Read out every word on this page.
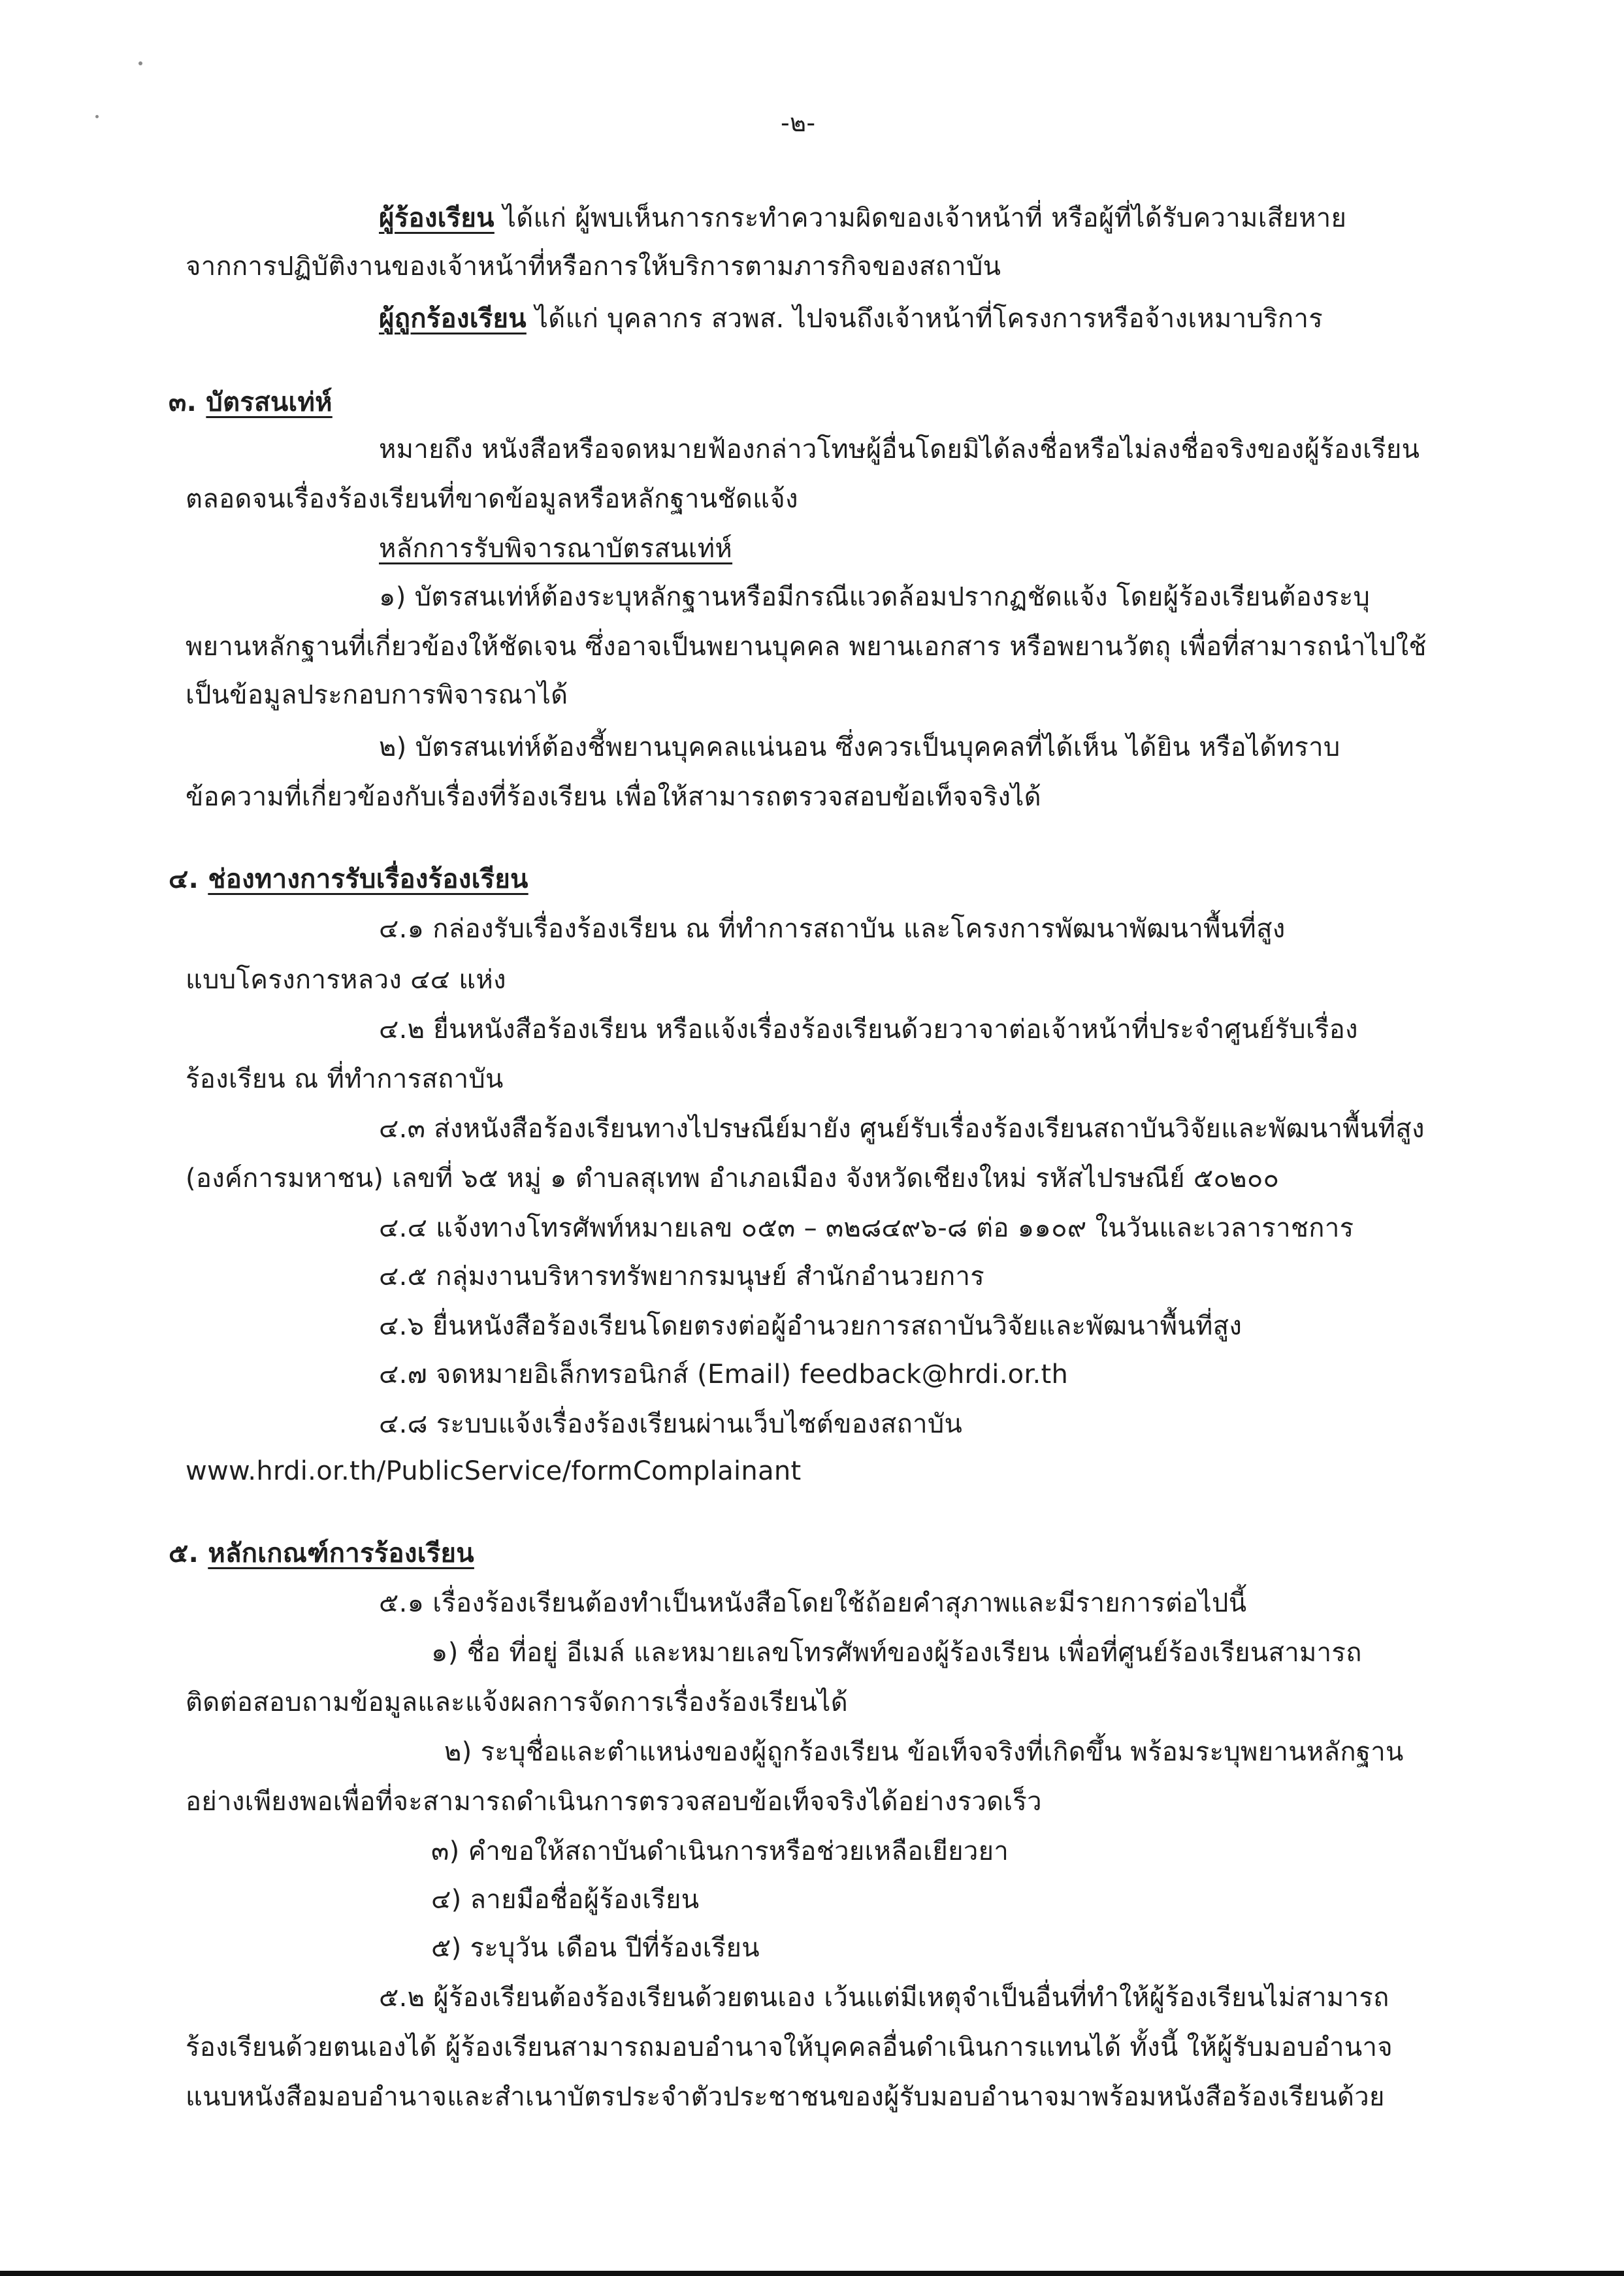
-๒-
ผู้ร้องเรียน ได้แก่ ผู้พบเห็นการกระทำความผิดของเจ้าหน้าที่ หรือผู้ที่ได้รับความเสียหาย
จากการปฏิบัติงานของเจ้าหน้าที่หรือการให้บริการตามภารกิจของสถาบัน
ผู้ถูกร้องเรียน ได้แก่ บุคลากร สวพส. ไปจนถึงเจ้าหน้าที่โครงการหรือจ้างเหมาบริการ
๓. บัตรสนเท่ห์
หมายถึง หนังสือหรือจดหมายฟ้องกล่าวโทษผู้อื่นโดยมิได้ลงชื่อหรือไม่ลงชื่อจริงของผู้ร้องเรียน
ตลอดจนเรื่องร้องเรียนที่ขาดข้อมูลหรือหลักฐานชัดแจ้ง
หลักการรับพิจารณาบัตรสนเท่ห์
๑) บัตรสนเท่ห์ต้องระบุหลักฐานหรือมีกรณีแวดล้อมปรากฏชัดแจ้ง โดยผู้ร้องเรียนต้องระบุ
พยานหลักฐานที่เกี่ยวข้องให้ชัดเจน ซึ่งอาจเป็นพยานบุคคล พยานเอกสาร หรือพยานวัตถุ เพื่อที่สามารถนำไปใช้
เป็นข้อมูลประกอบการพิจารณาได้
๒) บัตรสนเท่ห์ต้องชี้พยานบุคคลแน่นอน ซึ่งควรเป็นบุคคลที่ได้เห็น ได้ยิน หรือได้ทราบ
ข้อความที่เกี่ยวข้องกับเรื่องที่ร้องเรียน เพื่อให้สามารถตรวจสอบข้อเท็จจริงได้
๔. ช่องทางการรับเรื่องร้องเรียน
๔.๑ กล่องรับเรื่องร้องเรียน ณ ที่ทำการสถาบัน และโครงการพัฒนาพัฒนาพื้นที่สูง
แบบโครงการหลวง ๔๔ แห่ง
๔.๒ ยื่นหนังสือร้องเรียน หรือแจ้งเรื่องร้องเรียนด้วยวาจาต่อเจ้าหน้าที่ประจำศูนย์รับเรื่อง
ร้องเรียน ณ ที่ทำการสถาบัน
๔.๓ ส่งหนังสือร้องเรียนทางไปรษณีย์มายัง ศูนย์รับเรื่องร้องเรียนสถาบันวิจัยและพัฒนาพื้นที่สูง
(องค์การมหาชน) เลขที่ ๖๕ หมู่ ๑ ตำบลสุเทพ อำเภอเมือง จังหวัดเชียงใหม่ รหัสไปรษณีย์ ๕๐๒๐๐
๔.๔ แจ้งทางโทรศัพท์หมายเลข ๐๕๓ – ๓๒๘๔๙๖-๘ ต่อ ๑๑๐๙ ในวันและเวลาราชการ
๔.๕ กลุ่มงานบริหารทรัพยากรมนุษย์ สำนักอำนวยการ
๔.๖ ยื่นหนังสือร้องเรียนโดยตรงต่อผู้อำนวยการสถาบันวิจัยและพัฒนาพื้นที่สูง
๔.๗ จดหมายอิเล็กทรอนิกส์ (Email) feedback@hrdi.or.th
๔.๘ ระบบแจ้งเรื่องร้องเรียนผ่านเว็บไซต์ของสถาบัน
www.hrdi.or.th/PublicService/formComplainant
๕. หลักเกณฑ์การร้องเรียน
๕.๑ เรื่องร้องเรียนต้องทำเป็นหนังสือโดยใช้ถ้อยคำสุภาพและมีรายการต่อไปนี้
๑) ชื่อ ที่อยู่ อีเมล์ และหมายเลขโทรศัพท์ของผู้ร้องเรียน เพื่อที่ศูนย์ร้องเรียนสามารถ
ติดต่อสอบถามข้อมูลและแจ้งผลการจัดการเรื่องร้องเรียนได้
๒) ระบุชื่อและตำแหน่งของผู้ถูกร้องเรียน ข้อเท็จจริงที่เกิดขึ้น พร้อมระบุพยานหลักฐาน
อย่างเพียงพอเพื่อที่จะสามารถดำเนินการตรวจสอบข้อเท็จจริงได้อย่างรวดเร็ว
๓) คำขอให้สถาบันดำเนินการหรือช่วยเหลือเยียวยา
๔) ลายมือชื่อผู้ร้องเรียน
๕) ระบุวัน เดือน ปีที่ร้องเรียน
๕.๒ ผู้ร้องเรียนต้องร้องเรียนด้วยตนเอง เว้นแต่มีเหตุจำเป็นอื่นที่ทำให้ผู้ร้องเรียนไม่สามารถ
ร้องเรียนด้วยตนเองได้ ผู้ร้องเรียนสามารถมอบอำนาจให้บุคคลอื่นดำเนินการแทนได้ ทั้งนี้ ให้ผู้รับมอบอำนาจ
แนบหนังสือมอบอำนาจและสำเนาบัตรประจำตัวประชาชนของผู้รับมอบอำนาจมาพร้อมหนังสือร้องเรียนด้วย
